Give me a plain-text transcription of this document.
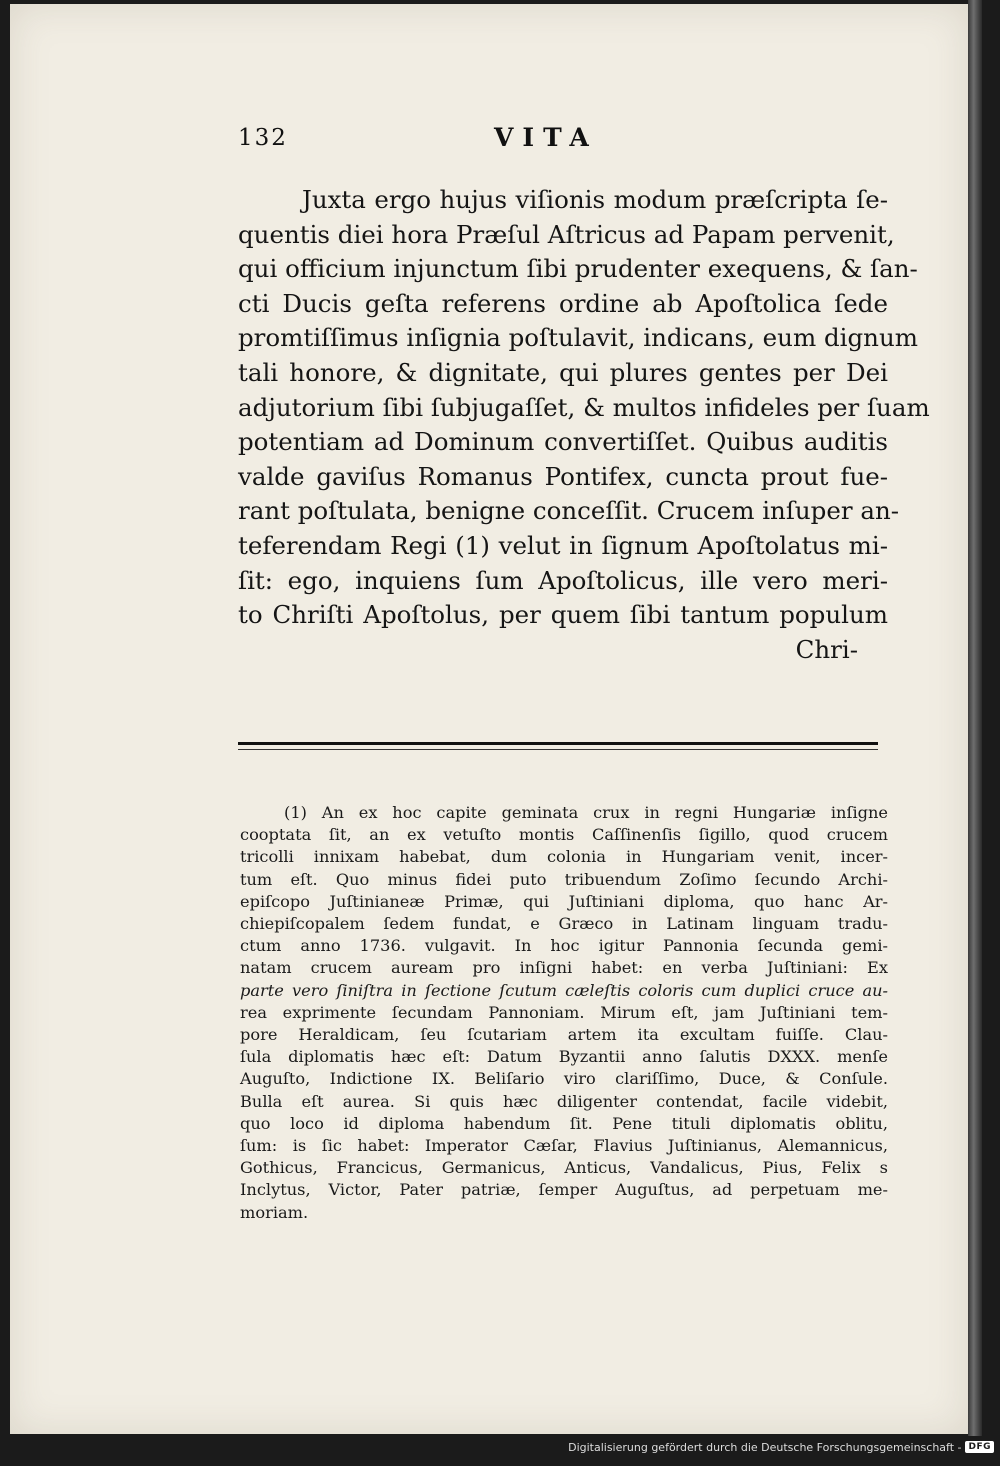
132	VITA
Juxta ergo hujus viſionis modum præſcripta ſe-
quentis diei hora Præſul Aſtricus ad Papam pervenit,
qui officium injunctum ſibi prudenter exequens, & ſan-
cti Ducis geſta referens ordine ab Apoſtolica ſede
promtiſſimus inſignia poſtulavit, indicans, eum dignum
tali honore, & dignitate, qui plures gentes per Dei
adjutorium ſibi ſubjugaſſet, & multos infideles per ſuam
potentiam ad Dominum convertiſſet. Quibus auditis
valde gaviſus Romanus Pontifex, cuncta prout fue-
rant poſtulata, benigne conceſſit. Crucem inſuper an-
teferendam Regi (1) velut in ſignum Apoſtolatus mi-
ſit: ego, inquiens ſum Apoſtolicus, ille vero meri-
to Chriſti Apoſtolus, per quem ſibi tantum populum
Chri-
(1) An ex hoc capite geminata crux in regni Hungariæ inſigne
cooptata ſit, an ex vetuſto montis Caſſinenſis ſigillo, quod crucem
tricolli innixam habebat, dum colonia in Hungariam venit, incer-
tum eſt. Quo minus fidei puto tribuendum Zoſimo ſecundo Archi-
epiſcopo Juſtinianeæ Primæ, qui Juſtiniani diploma, quo hanc Ar-
chiepiſcopalem ſedem fundat, e Græco in Latinam linguam tradu-
ctum anno 1736. vulgavit. In hoc igitur Pannonia ſecunda gemi-
natam crucem auream pro inſigni habet: en verba Juſtiniani: Ex
parte vero ſiniſtra in ſectione ſcutum cæleſtis coloris cum duplici cruce au-
rea exprimente ſecundam Pannoniam. Mirum eſt, jam Juſtiniani tem-
pore Heraldicam, ſeu ſcutariam artem ita excultam fuiſſe. Clau-
ſula diplomatis hæc eſt: Datum Byzantii anno ſalutis DXXX. menſe
Auguſto, Indictione IX. Beliſario viro clariſſimo, Duce, & Conſule.
Bulla eſt aurea. Si quis hæc diligenter contendat, facile videbit,
quo loco id diploma habendum ſit. Pene tituli diplomatis oblitu,
ſum: is ſic habet: Imperator Cæſar, Flavius Juſtinianus, Alemannicus,
Gothicus, Francicus, Germanicus, Anticus, Vandalicus, Pius, Felix s
Inclytus, Victor, Pater patriæ, ſemper Auguſtus, ad perpetuam me-
moriam.
Digitalisierung gefördert durch die Deutsche Forschungsgemeinschaft - DFG
